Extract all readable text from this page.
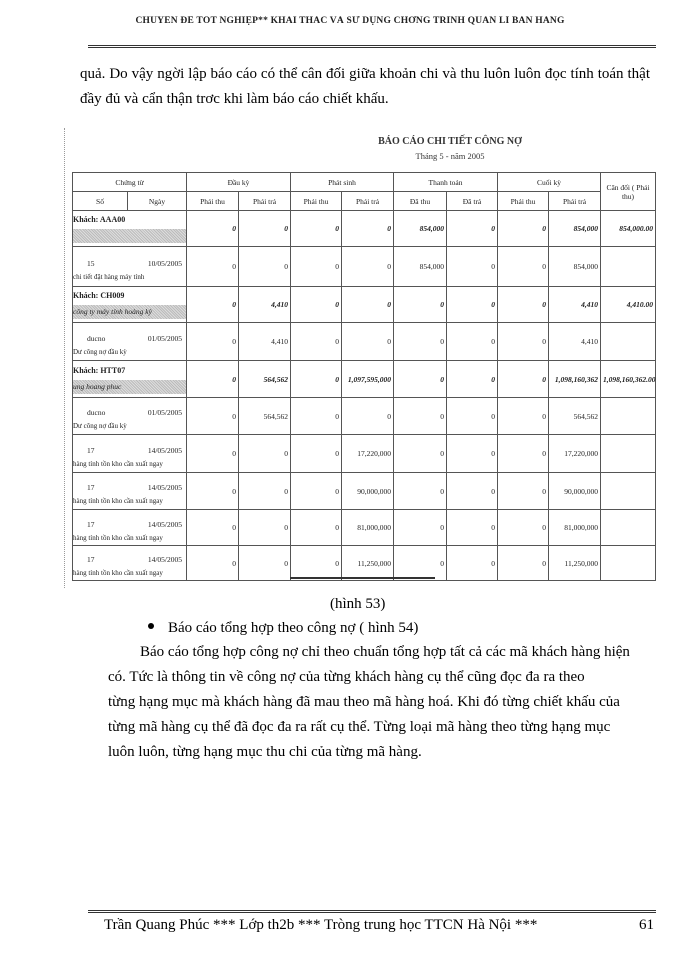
CHUYÊN ĐỀ TỐT NGHIỆP** KHAI THÁC VÀ SỬ DỤNG CHƠNG TRÌNH QUẢN LÍ BÁN HÀNG
quả. Do vậy ngời lập báo cáo có thể cân đối giữa khoản chi và thu luôn luôn đọc tính toán thật đầy đủ và cẩn thận trơc khi làm báo cáo chiết khấu.
BÁO CÁO CHI TIẾT CÔNG NỢ
Tháng 5 - năm 2005
Chứng từ		Đầu kỳ		Phát sinh		Thanh toán		Cuối kỳ		Cân đối ( Phải thu)
Số	Ngày	Phải thu	Phải trả	Phải thu	Phải trả	Đã thu	Đã trả	Phải thu	Phải trả	

Khách: AAA00		0	0	0	0	854,000	0	0	854,000	854,000.00

15 10/05/2005
chi tiết đặt hàng máy tính		0	0	0	0	854,000	0	0	854,000	

Khách: CH009
công ty máy tính hoàng kỳ		0	4,410	0	0	0	0	0	4,410	4,410.00

ducno 01/05/2005
Dư công nợ đầu kỳ		0	4,410	0	0	0	0	0	4,410	

Khách: HTT07
ung hoang phuc		0	564,562	0	1,097,595,000	0	0	0	1,098,160,362	1,098,160,362.00

ducno 01/05/2005
Dư công nợ đầu kỳ		0	564,562	0	0	0	0	0	564,562	

17 14/05/2005
hàng tính tồn kho cần xuất ngay		0	0	0	17,220,000	0	0	0	17,220,000	

17 14/05/2005
hàng tính tồn kho cần xuất ngay		0	0	0	90,000,000	0	0	0	90,000,000	

17 14/05/2005
hàng tính tồn kho cần xuất ngay		0	0	0	81,000,000	0	0	0	81,000,000	

17 14/05/2005
hàng tính tồn kho cần xuất ngay		0	0	0	11,250,000	0	0	0	11,250,000	
(hình 53)
Báo cáo tổng hợp theo công nợ ( hình 54)
Báo cáo tổng hợp công nợ chỉ theo chuẩn tổng hợp tất cả các mã khách hàng hiện
có. Tức là thông tin về công nợ của từng khách hàng cụ thể cũng đọc đa ra theo
từng hạng mục mà khách hàng đã mau theo mã hàng hoá. Khi đó từng chiết khấu của
từng mã hàng cụ thể đã đọc đa ra rất cụ thể. Từng loại mã hàng theo từng hạng mục
luôn luôn, từng hạng mục thu chi của từng mã hàng.
Trần Quang Phúc *** Lớp th2b *** Tròng trung học TTCN Hà Nội ***	61
